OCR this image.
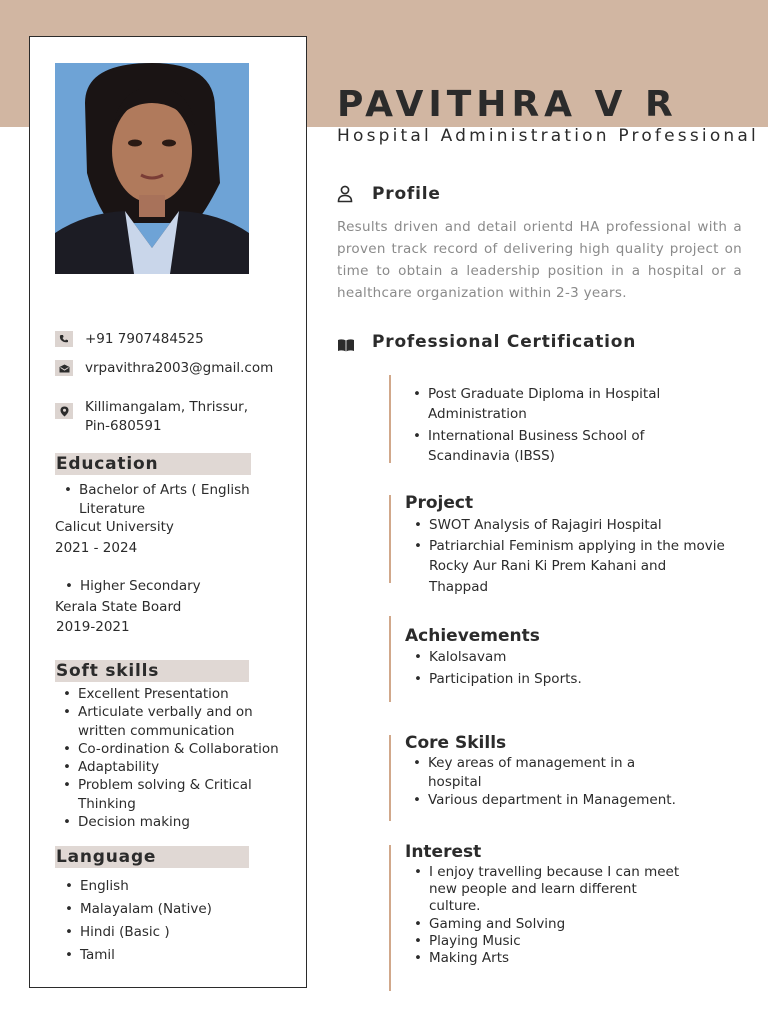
+91 7907484525
vrpavithra2003@gmail.com
Killimangalam, Thrissur,
Pin-680591
Education
• Bachelor of Arts ( English
Literature
Calicut University
2021 - 2024
• Higher Secondary
Kerala State Board
2019-2021
Soft skills
• Excellent Presentation
• Articulate verbally and on
written communication
• Co-ordination & Collaboration
• Adaptability
• Problem solving & Critical
Thinking
• Decision making
Language
• English
• Malayalam (Native)
• Hindi (Basic )
• Tamil
PAVITHRA V R
Hospital Administration Professional
Profile
Results driven and detail orientd HA professional with a proven track record of delivering high quality project on time to obtain a leadership position in a hospital or a healthcare organization within 2-3 years.
Professional Certification
• Post Graduate Diploma in Hospital
Administration
• International Business School of
Scandinavia (IBSS)
Project
• SWOT Analysis of Rajagiri Hospital
• Patriarchial Feminism applying in the movie
Rocky Aur Rani Ki Prem Kahani and
Thappad
Achievements
• Kalolsavam
• Participation in Sports.
Core Skills
• Key areas of management in a
hospital
• Various department in Management.
Interest
• I enjoy travelling because I can meet
new people and learn different
culture.
• Gaming and Solving
• Playing Music
• Making Arts
